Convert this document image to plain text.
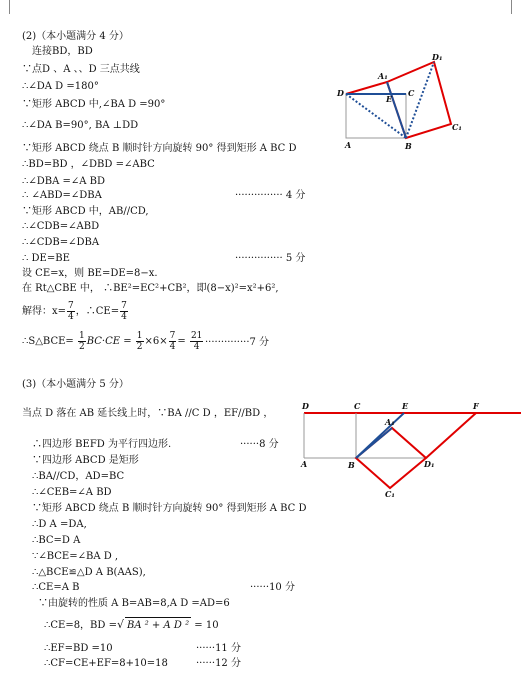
(2)（本小题满分 4 分）
连接BD，BD
∵点D 、A 、、D 三点共线
∴∠DA D =180°
∵矩形 ABCD 中,∠BA D =90°
∴∠DA B=90°, BA ⊥DD
∵矩形 ABCD 绕点 B 顺时针方向旋转 90° 得到矩形 A BC D
∴BD=BD ，∠DBD =∠ABC
∴∠DBA =∠A BD
∴ ∠ABD=∠DBA	··············· 4 分
∵矩形 ABCD 中，AB//CD,
∴∠CDB=∠ABD
∴∠CDB=∠DBA
∴ DE=BE	··············· 5 分
设 CE=x，则 BE=DE=8−x.
在 Rt△CBE 中， ∴BE²=EC²+CB²，即(8−x)²=x²+6²,
解得：$x= \frac{7}{4}$ ，∴CE= $\frac{7}{4}$
∴S△BCE= $\frac{1}{2} BC\cdot CE = \frac{1}{2} \times 6\times \frac{7}{4} = \frac{21}{4} \cdot\cdot\cdot\cdot\cdot\cdot\cdot\cdot\cdot\cdot\cdot\cdot\cdot\cdot 7$ 分
D
A₁
D₁
E
C
A	B
C₁
(3)（本小题满分 5 分）
当点 D 落在 AB 延长线上时，∵BA //C D ，EF//BD ，
∴四边形 BEFD 为平行四边形.	······8 分
∵四边形 ABCD 是矩形
∴BA//CD，AD=BC
∴∠CEB=∠A BD
∵矩形 ABCD 绕点 B 顺时针方向旋转 90° 得到矩形 A BC D
∴D A =DA,
∴BC=D A
∵∠BCE=∠BA D ,
∴△BCE≌△D A B(AAS),
∴CE=A B	······10 分
∵由旋转的性质 A B=AB=8,A D =AD=6
∴CE=8，BD =√ BA ² + A D ² = 10
∴EF=BD =10	······11 分
∴CF=CE+EF=8+10=18	······12 分
D	C	E	F
A₁
A	B	D₁
C₁
